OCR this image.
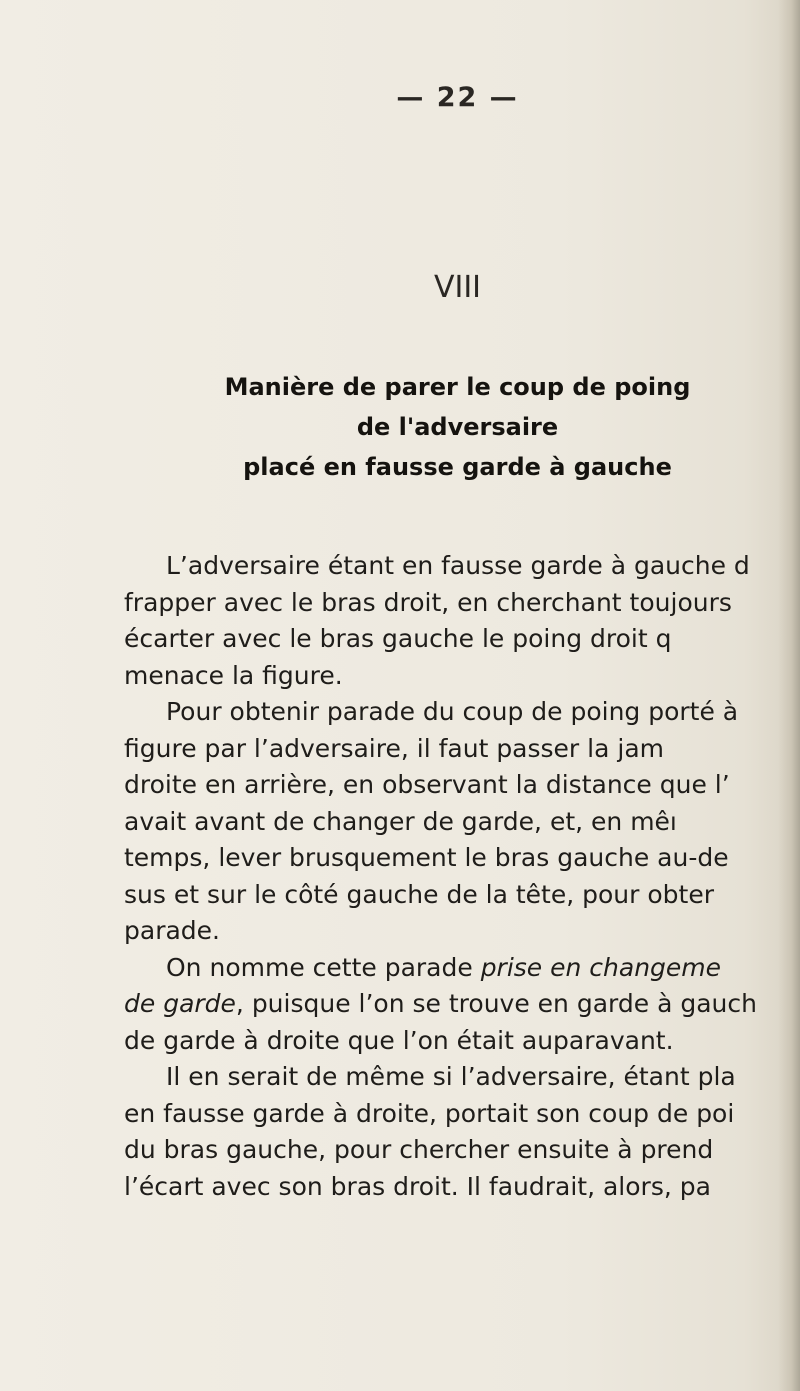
— 22 —
VIII
Manière de parer le coup de poing
de l'adversaire
placé en fausse garde à gauche
L’adversaire étant en fausse garde à gauche d
frapper avec le bras droit, en cherchant toujours
écarter avec le bras gauche le poing droit q
menace la figure.
Pour obtenir parade du coup de poing porté à
figure par l’adversaire, il faut passer la jam
droite en arrière, en observant la distance que l’
avait avant de changer de garde, et, en mêı
temps, lever brusquement le bras gauche au-de
sus et sur le côté gauche de la tête, pour obter
parade.
On nomme cette parade prise en changeme
de garde, puisque l’on se trouve en garde à gauch
de garde à droite que l’on était auparavant.
Il en serait de même si l’adversaire, étant pla
en fausse garde à droite, portait son coup de poi
du bras gauche, pour chercher ensuite à prend
l’écart avec son bras droit. Il faudrait, alors, pa
